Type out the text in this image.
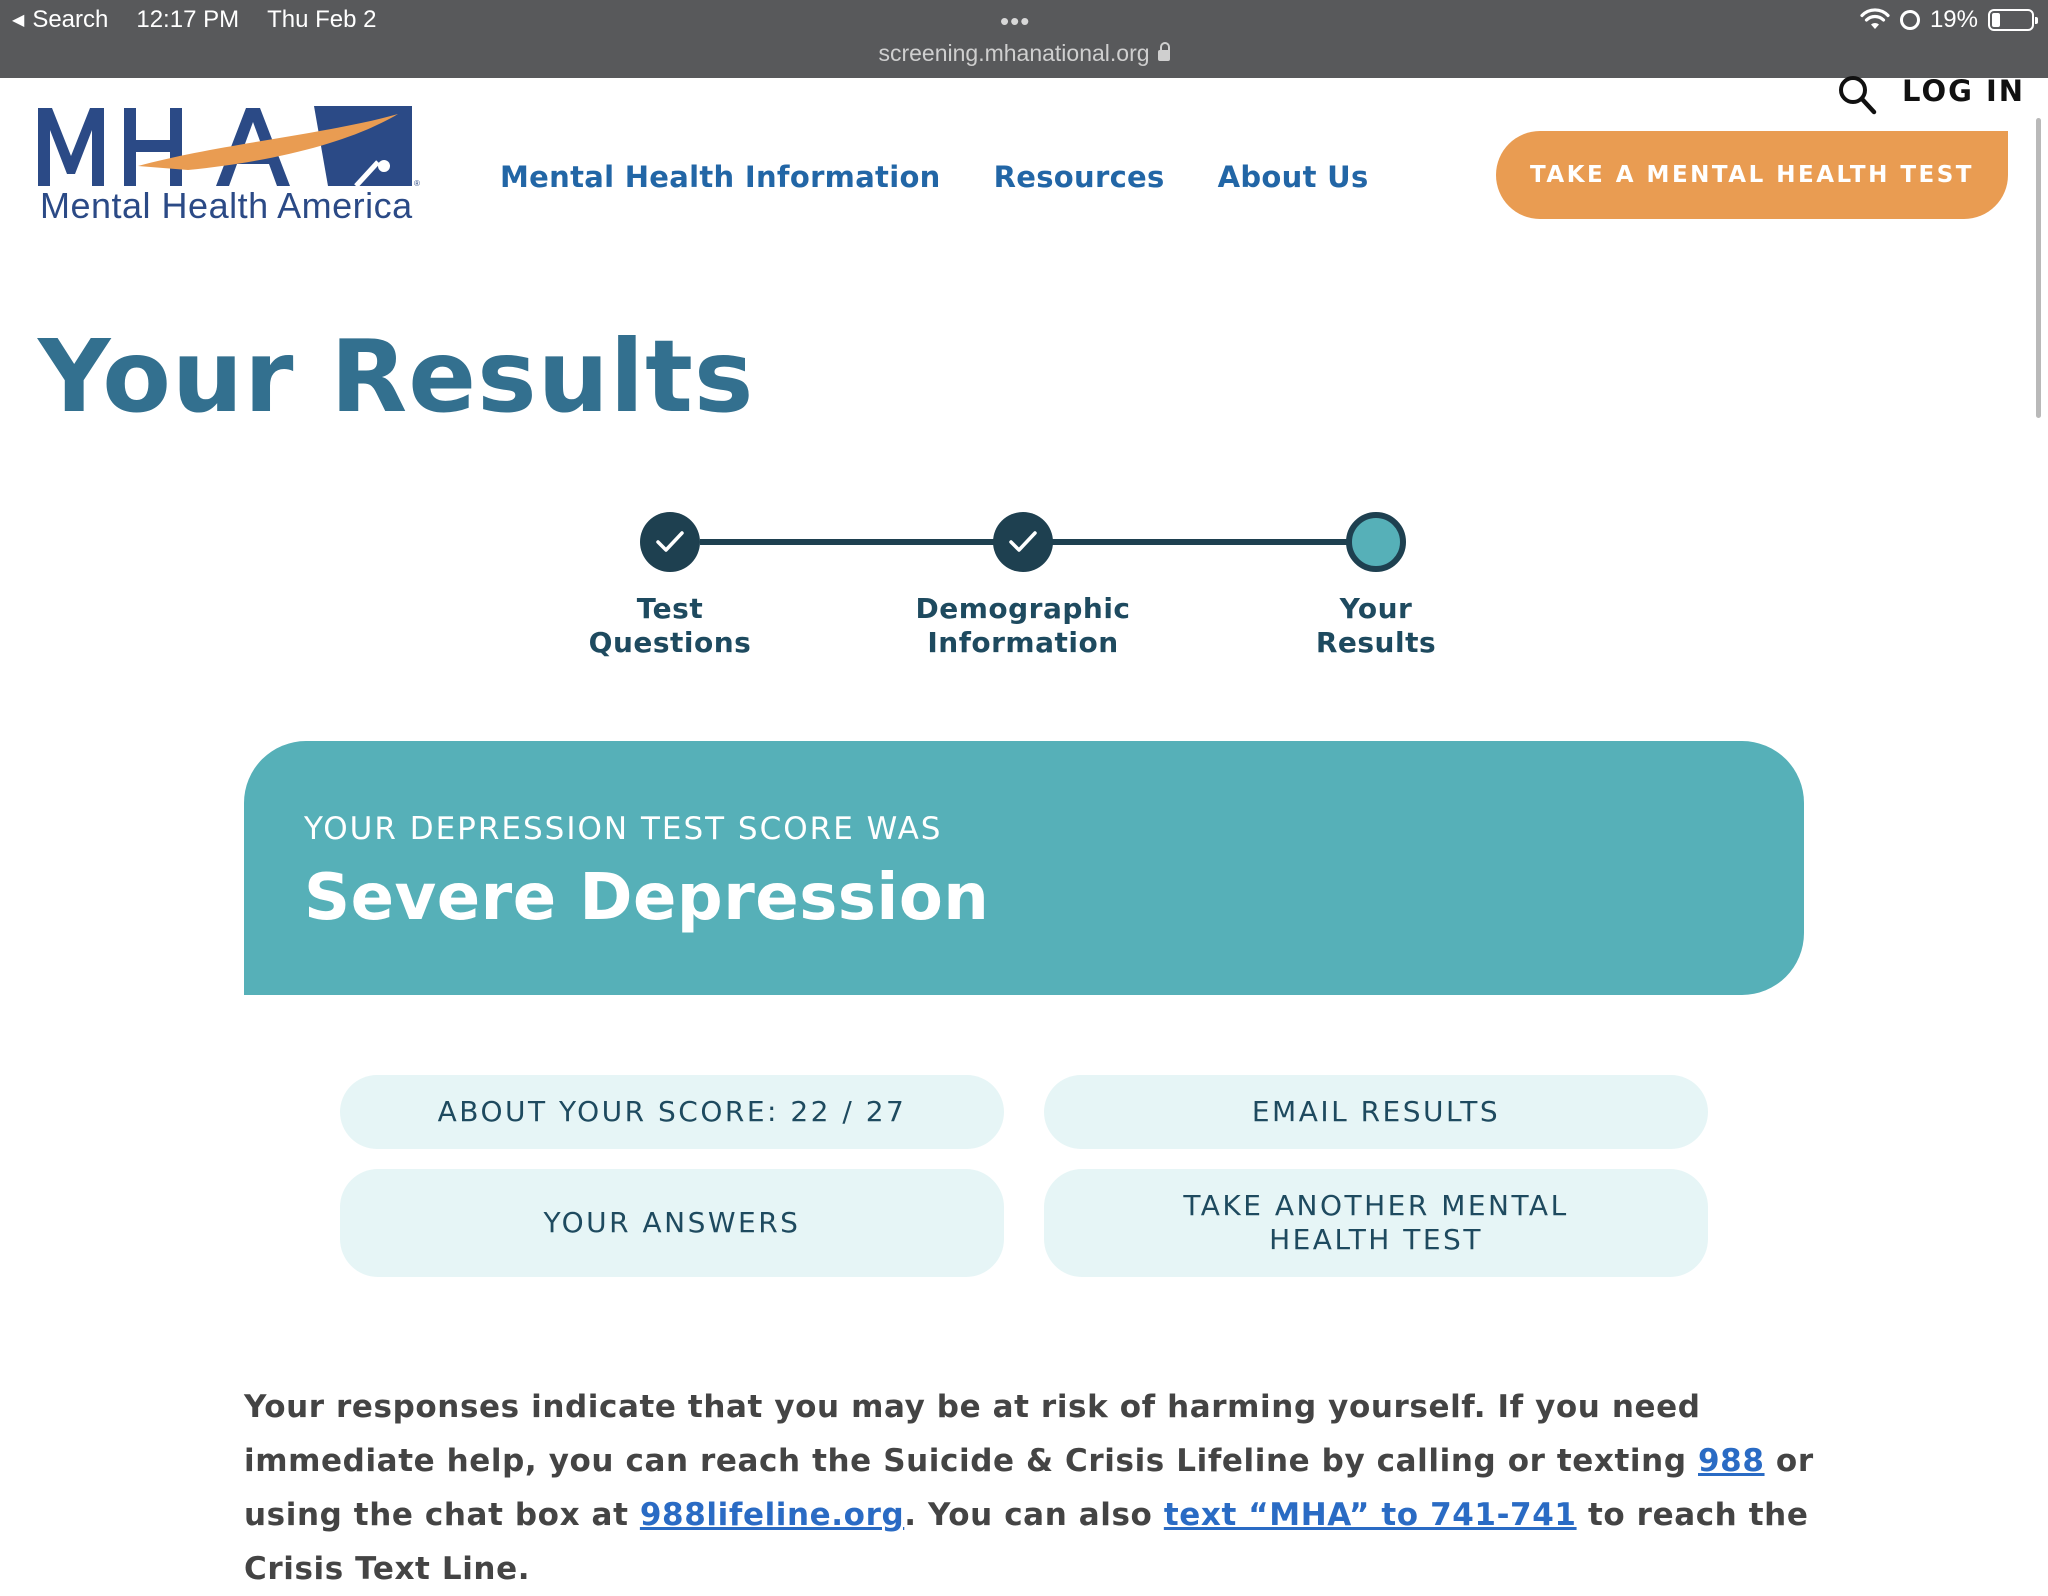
◀ Search 12:17 PM Thu Feb 2	•••
screening.mhanational.org
19%
®
Mental Health America
Mental Health Information Resources About Us
LOG IN
TAKE A MENTAL HEALTH TEST
Your Results
Test
Questions
Demographic
Information
Your
Results
YOUR DEPRESSION TEST SCORE WAS
Severe Depression
ABOUT YOUR SCORE: 22 / 27	EMAIL RESULTS
YOUR ANSWERS
TAKE ANOTHER MENTAL
HEALTH TEST

Your responses indicate that you may be at risk of harming yourself. If you need immediate help, you can reach the Suicide & Crisis Lifeline by calling or texting 988 or using the chat box at 988lifeline.org. You can also text “MHA” to 741-741 to reach the Crisis Text Line.
